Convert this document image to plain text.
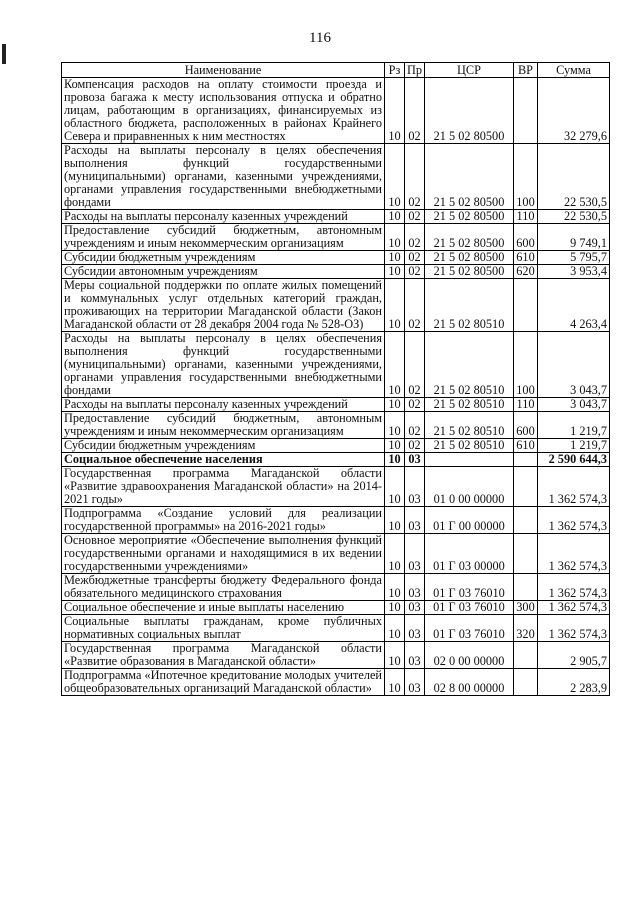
116
Наименование	Рз	Пр	ЦСР	ВР	Сумма
Компенсация расходов на оплату стоимости проезда и провоза багажа к месту использования отпуска и обратно лицам, работающим в организациях, финансируемых из областного бюджета, расположенных в районах Крайнего Севера и приравненных к ним местностях	10	02	21 5 02 80500		32 279,6
Расходы на выплаты персоналу в целях обеспечения выполнения функций государственными (муниципальными) органами, казенными учреждениями, органами управления государственными внебюджетными фондами	10	02	21 5 02 80500	100	22 530,5
Расходы на выплаты персоналу казенных учреждений	10	02	21 5 02 80500	110	22 530,5
Предоставление субсидий бюджетным, автономным учреждениям и иным некоммерческим организациям	10	02	21 5 02 80500	600	9 749,1
Субсидии бюджетным учреждениям	10	02	21 5 02 80500	610	5 795,7
Субсидии автономным учреждениям	10	02	21 5 02 80500	620	3 953,4
Меры социальной поддержки по оплате жилых помещений и коммунальных услуг отдельных категорий граждан, проживающих на территории Магаданской области (Закон Магаданской области от 28 декабря 2004 года № 528-ОЗ)	10	02	21 5 02 80510		4 263,4
Расходы на выплаты персоналу в целях обеспечения выполнения функций государственными (муниципальными) органами, казенными учреждениями, органами управления государственными внебюджетными фондами	10	02	21 5 02 80510	100	3 043,7
Расходы на выплаты персоналу казенных учреждений	10	02	21 5 02 80510	110	3 043,7
Предоставление субсидий бюджетным, автономным учреждениям и иным некоммерческим организациям	10	02	21 5 02 80510	600	1 219,7
Субсидии бюджетным учреждениям	10	02	21 5 02 80510	610	1 219,7
Социальное обеспечение населения	10	03			2 590 644,3
Государственная программа Магаданской области «Развитие здравоохранения Магаданской области» на 2014-2021 годы»	10	03	01 0 00 00000		1 362 574,3
Подпрограмма «Создание условий для реализации государственной программы» на 2016-2021 годы»	10	03	01 Г 00 00000		1 362 574,3
Основное мероприятие «Обеспечение выполнения функций государственными органами и находящимися в их ведении государственными учреждениями»	10	03	01 Г 03 00000		1 362 574,3
Межбюджетные трансферты бюджету Федерального фонда обязательного медицинского страхования	10	03	01 Г 03 76010		1 362 574,3
Социальное обеспечение и иные выплаты населению	10	03	01 Г 03 76010	300	1 362 574,3
Социальные выплаты гражданам, кроме публичных нормативных социальных выплат	10	03	01 Г 03 76010	320	1 362 574,3
Государственная программа Магаданской области «Развитие образования в Магаданской области»	10	03	02 0 00 00000		2 905,7
Подпрограмма «Ипотечное кредитование молодых учителей общеобразовательных организаций Магаданской области»	10	03	02 8 00 00000		2 283,9
